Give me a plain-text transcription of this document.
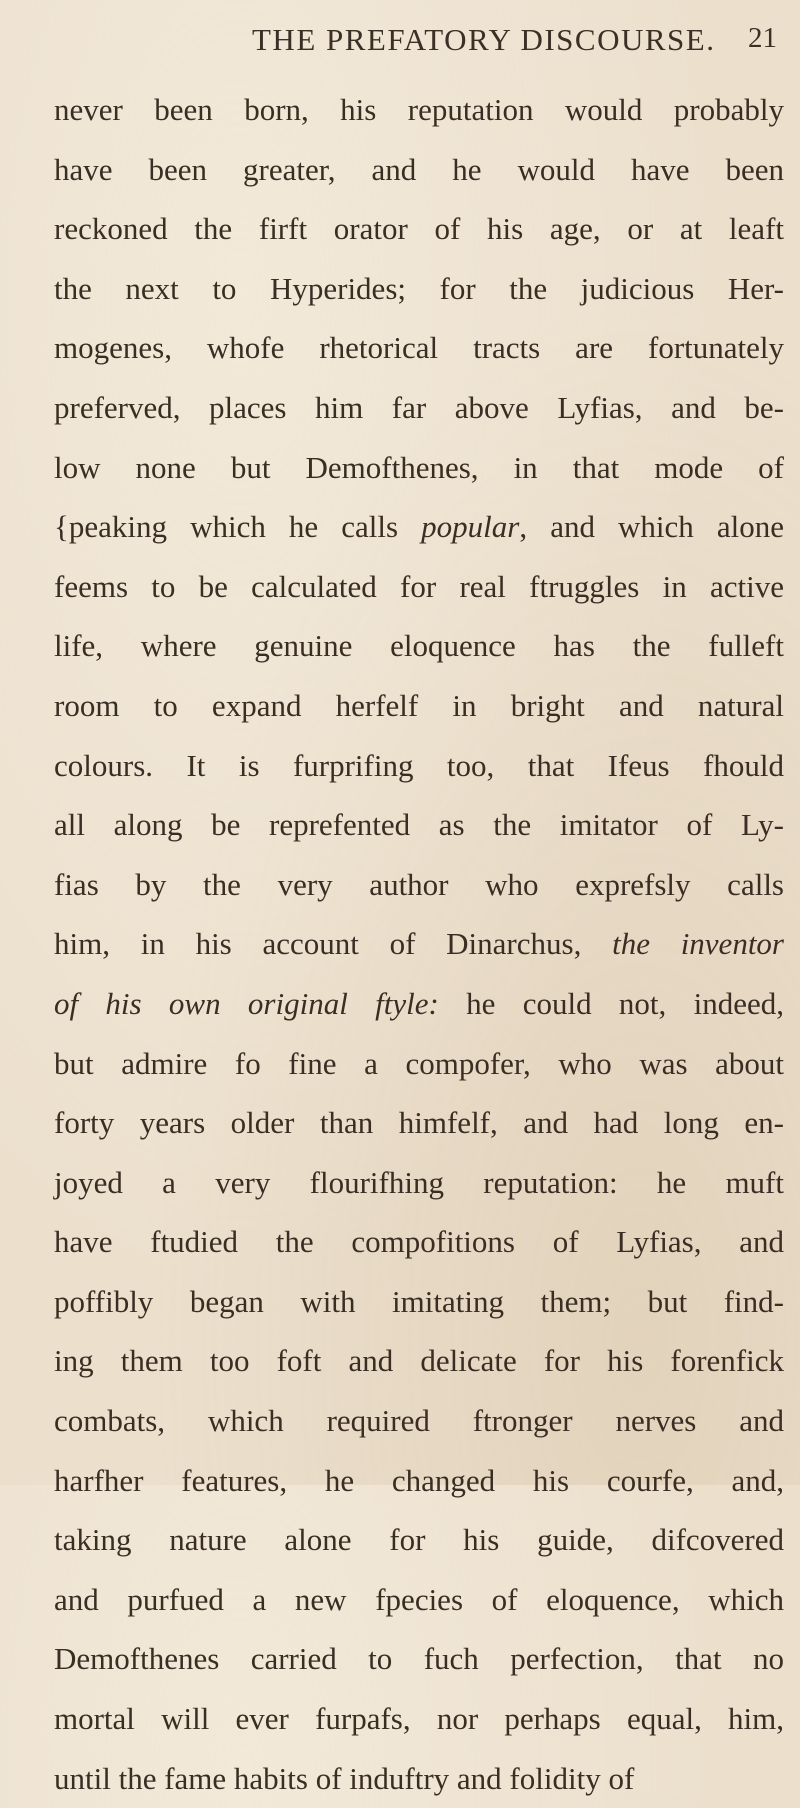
THE PREFATORY DISCOURSE. 21
never been born, his reputation would probably
have been greater, and he would have been
reckoned the firft orator of his age, or at leaft
the next to Hyperides; for the judicious Her-
mogenes, whofe rhetorical tracts are fortunately
preferved, places him far above Lyfias, and be-
low none but Demofthenes, in that mode of
{peaking which he calls popular, and which alone
feems to be calculated for real ftruggles in active
life, where genuine eloquence has the fulleft
room to expand herfelf in bright and natural
colours. It is furprifing too, that Ifeus fhould
all along be reprefented as the imitator of Ly-
fias by the very author who exprefsly calls
him, in his account of Dinarchus, the inventor
of his own original ftyle: he could not, indeed,
but admire fo fine a compofer, who was about
forty years older than himfelf, and had long en-
joyed a very flourifhing reputation: he muft
have ftudied the compofitions of Lyfias, and
poffibly began with imitating them; but find-
ing them too foft and delicate for his forenfick
combats, which required ftronger nerves and
harfher features, he changed his courfe, and,
taking nature alone for his guide, difcovered
and purfued a new fpecies of eloquence, which
Demofthenes carried to fuch perfection, that no
mortal will ever furpafs, nor perhaps equal, him,
until the fame habits of induftry and folidity of
